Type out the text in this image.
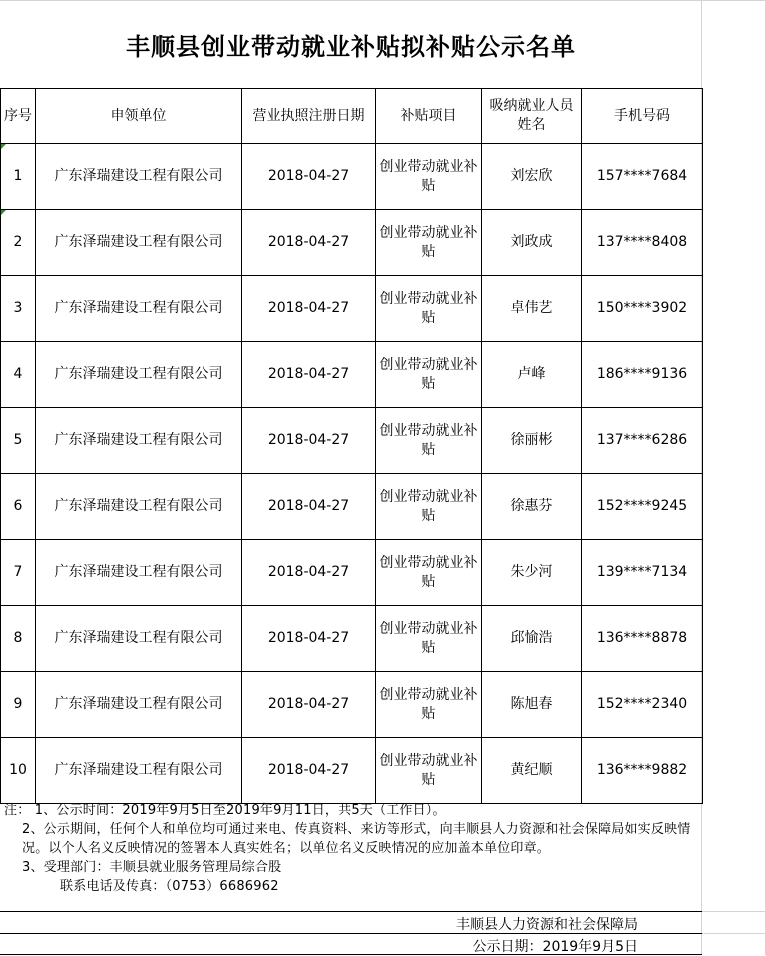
丰顺县创业带动就业补贴拟补贴公示名单
序号	申领单位	营业执照注册日期	补贴项目	吸纳就业人员姓名	手机号码
1	广东泽瑞建设工程有限公司	2018-04-27	创业带动就业补贴	刘宏欣	157****7684
2	广东泽瑞建设工程有限公司	2018-04-27	创业带动就业补贴	刘政成	137****8408
3	广东泽瑞建设工程有限公司	2018-04-27	创业带动就业补贴	卓伟艺	150****3902
4	广东泽瑞建设工程有限公司	2018-04-27	创业带动就业补贴	卢峰	186****9136
5	广东泽瑞建设工程有限公司	2018-04-27	创业带动就业补贴	徐丽彬	137****6286
6	广东泽瑞建设工程有限公司	2018-04-27	创业带动就业补贴	徐惠芬	152****9245
7	广东泽瑞建设工程有限公司	2018-04-27	创业带动就业补贴	朱少河	139****7134
8	广东泽瑞建设工程有限公司	2018-04-27	创业带动就业补贴	邱愉浩	136****8878
9	广东泽瑞建设工程有限公司	2018-04-27	创业带动就业补贴	陈旭春	152****2340
10	广东泽瑞建设工程有限公司	2018-04-27	创业带动就业补贴	黄纪顺	136****9882
注： 1、公示时间：2019年9月5日至2019年9月11日，共5天（工作日）。
2、公示期间，任何个人和单位均可通过来电、传真资料、来访等形式，向丰顺县人力资源和社会保障局如实反映情况。以个人名义反映情况的签署本人真实姓名；以单位名义反映情况的应加盖本单位印章。
3、受理部门：丰顺县就业服务管理局综合股
联系电话及传真：（0753）6686962
丰顺县人力资源和社会保障局
公示日期：2019年9月5日
